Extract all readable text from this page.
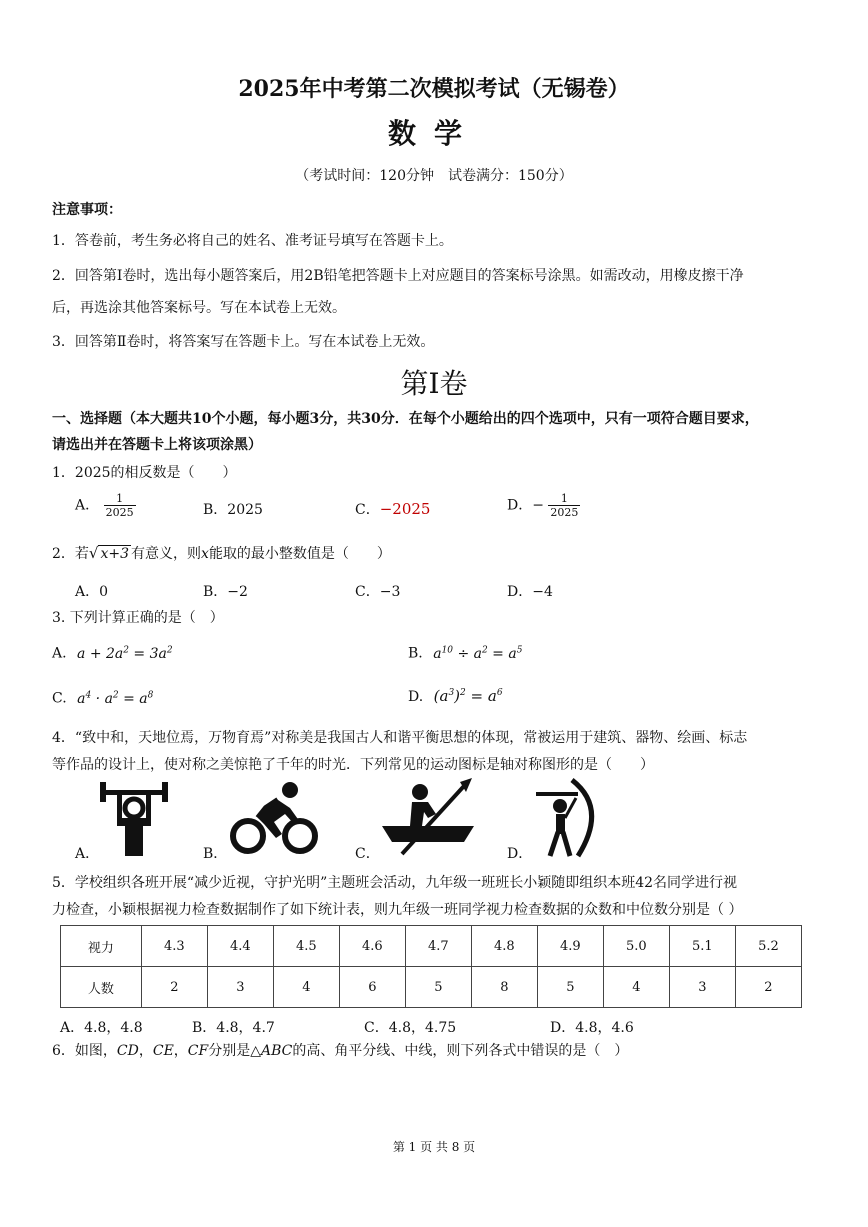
2025年中考第二次模拟考试（无锡卷）
数学
（考试时间：120分钟　试卷满分：150分）
注意事项：
1．答卷前，考生务必将自己的姓名、准考证号填写在答题卡上。
2．回答第Ⅰ卷时，选出每小题答案后，用2B铅笔把答题卡上对应题目的答案标号涂黑。如需改动，用橡皮擦干净
后，再选涂其他答案标号。写在本试卷上无效。
3．回答第Ⅱ卷时，将答案写在答题卡上。写在本试卷上无效。
第Ⅰ卷
一、选择题（本大题共10个小题，每小题3分，共30分．在每个小题给出的四个选项中，只有一项符合题目要求，
请选出并在答题卡上将该项涂黑）
1．2025的相反数是（　　）
A． $\frac{1}{2025}$	B．2025	C．−2025	D．− $\frac{1}{2025}$
2．若√ x+3 有意义，则x能取的最小整数值是（　　）
A．0	B．−2	C．−3	D．−4
3. 下列计算正确的是（　）
A. $a + 2a^2 = 3a^2$	B. $a^{10} \div a^2 = a^5$
C. $a^4 \cdot a^2 = a^8$	D. $(a^3)^2 = a^6$
4．“致中和，天地位焉，万物育焉”对称美是我国古人和谐平衡思想的体现，常被运用于建筑、器物、绘画、标志
等作品的设计上，使对称之美惊艳了千年的时光．下列常见的运动图标是轴对称图形的是（　　）
A．	B．	C．	D．
5．学校组织各班开展“减少近视，守护光明”主题班会活动，九年级一班班长小颖随即组织本班42名同学进行视
力检查，小颖根据视力检查数据制作了如下统计表，则九年级一班同学视力检查数据的众数和中位数分别是（ ）
视力	4.3	4.4	4.5	4.6	4.7	4.8	4.9	5.0	5.1	5.2
人数	2	3	4	6	5	8	5	4	3	2
A．4.8，4.8	B．4.8，4.7	C．4.8，4.75	D．4.8，4.6
6．如图，CD，CE，CF分别是△ABC的高、角平分线、中线，则下列各式中错误的是（　）
第 1 页 共 8 页
